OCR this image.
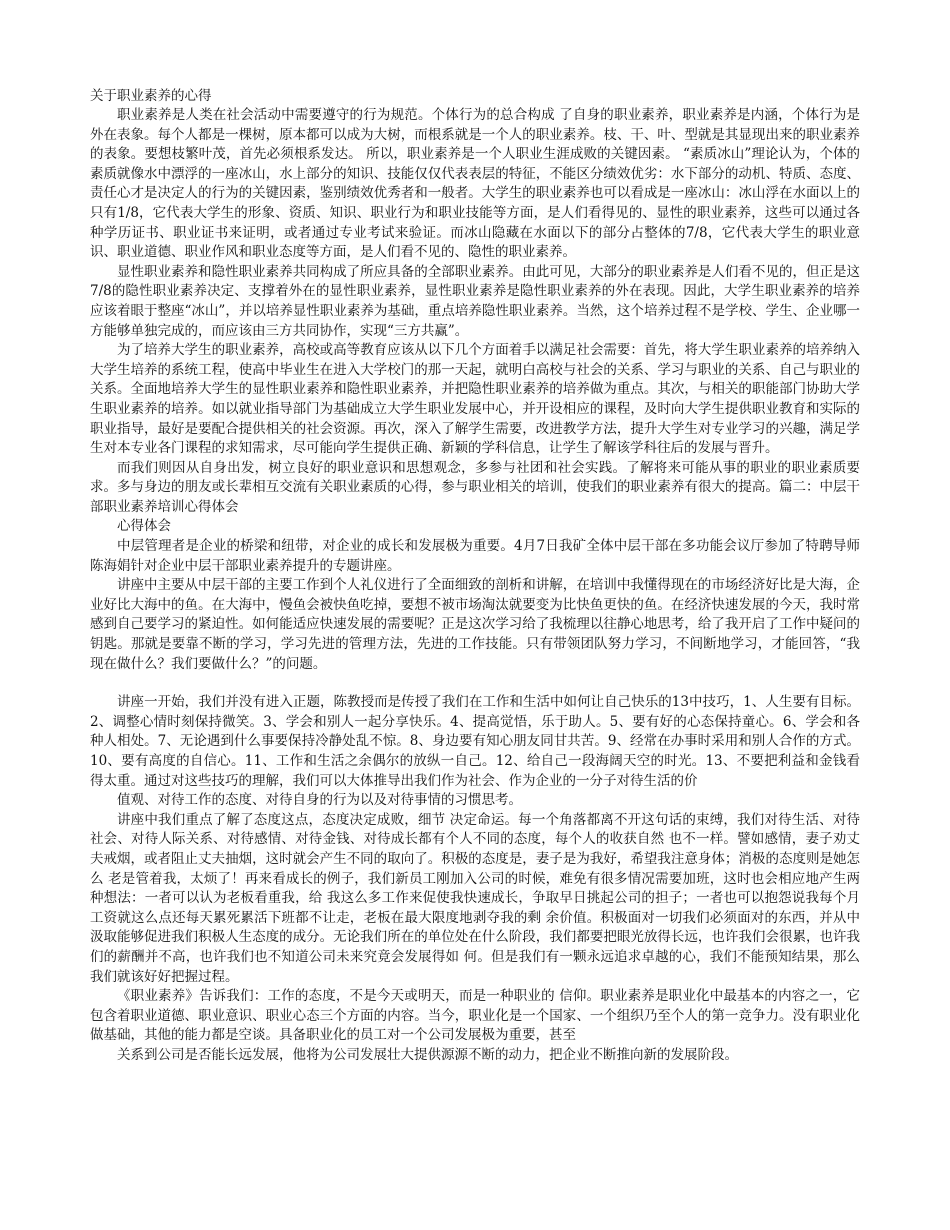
关于职业素养的心得

职业素养是人类在社会活动中需要遵守的行为规范。个体行为的总合构成 了自身的职业素养，职业素养是内涵，个体行为是外在表象。每个人都是一棵树，原本都可以成为大树，而根系就是一个人的职业素养。枝、干、叶、型就是其显现出来的职业素养的表象。要想枝繁叶茂，首先必须根系发达。 所以，职业素养是一个人职业生涯成败的关键因素。 “素质冰山”理论认为，个体的素质就像水中漂浮的一座冰山，水上部分的知识、技能仅仅代表表层的特征，不能区分绩效优劣：水下部分的动机、特质、态度、责任心才是决定人的行为的关键因素，鉴别绩效优秀者和一般者。大学生的职业素养也可以看成是一座冰山：冰山浮在水面以上的只有1/8，它代表大学生的形象、资质、知识、职业行为和职业技能等方面，是人们看得见的、显性的职业素养，这些可以通过各种学历证书、职业证书来证明，或者通过专业考试来验证。而冰山隐藏在水面以下的部分占整体的7/8，它代表大学生的职业意识、职业道德、职业作风和职业态度等方面，是人们看不见的、隐性的职业素养。

显性职业素养和隐性职业素养共同构成了所应具备的全部职业素养。由此可见，大部分的职业素养是人们看不见的，但正是这7/8的隐性职业素养决定、支撑着外在的显性职业素养，显性职业素养是隐性职业素养的外在表现。因此，大学生职业素养的培养应该着眼于整座“冰山”，并以培养显性职业素养为基础，重点培养隐性职业素养。当然，这个培养过程不是学校、学生、企业哪一方能够单独完成的，而应该由三方共同协作，实现“三方共赢”。

为了培养大学生的职业素养，高校或高等教育应该从以下几个方面着手以满足社会需要：首先，将大学生职业素养的培养纳入大学生培养的系统工程，使高中毕业生在进入大学校门的那一天起，就明白高校与社会的关系、学习与职业的关系、自己与职业的关系。全面地培养大学生的显性职业素养和隐性职业素养，并把隐性职业素养的培养做为重点。其次，与相关的职能部门协助大学生职业素养的培养。如以就业指导部门为基础成立大学生职业发展中心，并开设相应的课程，及时向大学生提供职业教育和实际的职业指导，最好是要配合提供相关的社会资源。再次，深入了解学生需要，改进教学方法，提升大学生对专业学习的兴趣，满足学生对本专业各门课程的求知需求，尽可能向学生提供正确、新颖的学科信息，让学生了解该学科往后的发展与晋升。

而我们则因从自身出发，树立良好的职业意识和思想观念，多参与社团和社会实践。了解将来可能从事的职业的职业素质要求。多与身边的朋友或长辈相互交流有关职业素质的心得，参与职业相关的培训，使我们的职业素养有很大的提高。篇二：中层干部职业素养培训心得体会

心得体会

中层管理者是企业的桥梁和纽带，对企业的成长和发展极为重要。4月7日我矿全体中层干部在多功能会议厅参加了特聘导师陈海娟针对企业中层干部职业素养提升的专题讲座。

讲座中主要从中层干部的主要工作到个人礼仪进行了全面细致的剖析和讲解，在培训中我懂得现在的市场经济好比是大海，企业好比大海中的鱼。在大海中，慢鱼会被快鱼吃掉，要想不被市场淘汰就要变为比快鱼更快的鱼。在经济快速发展的今天，我时常感到自己要学习的紧迫性。如何能适应快速发展的需要呢？正是这次学习给了我梳理以往静心地思考，给了我开启了工作中疑问的钥匙。那就是要靠不断的学习，学习先进的管理方法，先进的工作技能。只有带领团队努力学习，不间断地学习，才能回答，“我现在做什么？我们要做什么？”的问题。

讲座一开始，我们并没有进入正题，陈教授而是传授了我们在工作和生活中如何让自己快乐的13中技巧，1、人生要有目标。2、调整心情时刻保持微笑。3、学会和别人一起分享快乐。4、提高觉悟，乐于助人。5、要有好的心态保持童心。6、学会和各种人相处。7、无论遇到什么事要保持冷静处乱不惊。8、身边要有知心朋友同甘共苦。9、经常在办事时采用和别人合作的方式。10、要有高度的自信心。11、工作和生活之余偶尔的放纵一自己。12、给自己一段海阔天空的时光。13、不要把利益和金钱看得太重。通过对这些技巧的理解，我们可以大体推导出我们作为社会、作为企业的一分子对待生活的价

值观、对待工作的态度、对待自身的行为以及对待事情的习惯思考。

讲座中我们重点了解了态度这点，态度决定成败，细节 决定命运。每一个角落都离不开这句话的束缚，我们对待生活、对待社会、对待人际关系、对待感情、对待金钱、对待成长都有个人不同的态度，每个人的收获自然 也不一样。譬如感情，妻子劝丈夫戒烟，或者阻止丈夫抽烟，这时就会产生不同的取向了。积极的态度是，妻子是为我好，希望我注意身体；消极的态度则是她怎么 老是管着我，太烦了！再来看成长的例子，我们新员工刚加入公司的时候，难免有很多情况需要加班，这时也会相应地产生两种想法：一者可以认为老板看重我，给 我这么多工作来促使我快速成长，争取早日挑起公司的担子；一者也可以抱怨说我每个月工资就这么点还每天累死累活下班都不让走，老板在最大限度地剥夺我的剩 余价值。积极面对一切我们必须面对的东西，并从中汲取能够促进我们积极人生态度的成分。无论我们所在的单位处在什么阶段，我们都要把眼光放得长远，也许我们会很累，也许我们的薪酬并不高，也许我们也不知道公司未来究竟会发展得如 何。但是我们有一颗永远追求卓越的心，我们不能预知结果，那么我们就该好好把握过程。

《职业素养》告诉我们：工作的态度，不是今天或明天，而是一种职业的 信仰。职业素养是职业化中最基本的内容之一，它包含着职业道德、职业意识、职业心态三个方面的内容。当今，职业化是一个国家、一个组织乃至个人的第一竞争力。没有职业化做基础，其他的能力都是空谈。具备职业化的员工对一个公司发展极为重要，甚至

关系到公司是否能长远发展，他将为公司发展壮大提供源源不断的动力，把企业不断推向新的发展阶段。
